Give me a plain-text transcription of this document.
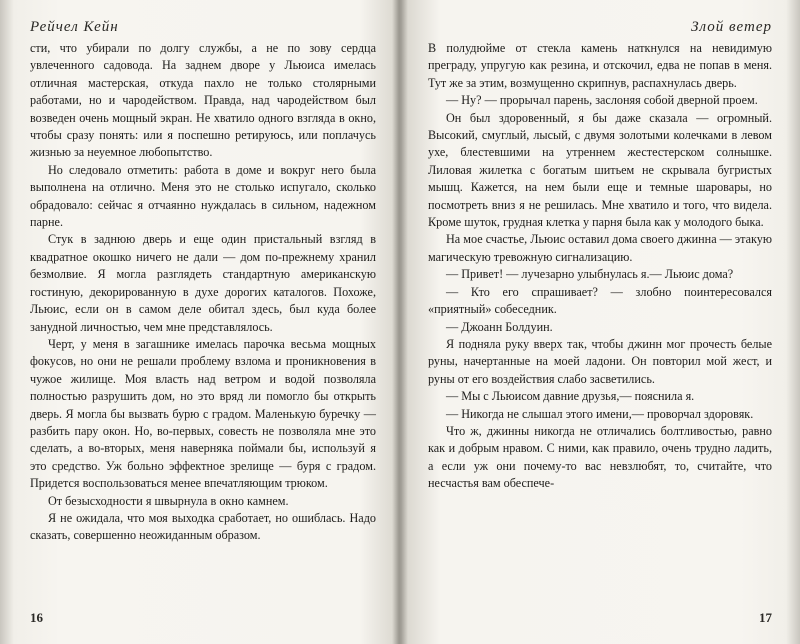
Рейчел Кейн

сти, что убирали по долгу службы, а не по зову сердца увлеченного садовода. На заднем дворе у Льюиса имелась отличная мастерская, откуда пахло не только столярными работами, но и чародейством. Правда, над чародейством был возведен очень мощный экран. Не хватило одного взгляда в окно, чтобы сразу понять: или я поспешно ретируюсь, или поплачусь жизнью за неуемное любопытство.

Но следовало отметить: работа в доме и вокруг него была выполнена на отлично. Меня это не столько испугало, сколько обрадовало: сейчас я отчаянно нуждалась в сильном, надежном парне.

Стук в заднюю дверь и еще один пристальный взгляд в квадратное окошко ничего не дали — дом по-прежнему хранил безмолвие. Я могла разглядеть стандартную американскую гостиную, декорированную в духе дорогих каталогов. Похоже, Льюис, если он в самом деле обитал здесь, был куда более занудной личностью, чем мне представлялось.

Черт, у меня в загашнике имелась парочка весьма мощных фокусов, но они не решали проблему взлома и проникновения в чужое жилище. Моя власть над ветром и водой позволяла полностью разрушить дом, но это вряд ли помогло бы открыть дверь. Я могла бы вызвать бурю с градом. Маленькую буречку — разбить пару окон. Но, во-первых, совесть не позволяла мне это сделать, а во-вторых, меня наверняка поймали бы, используй я это средство. Уж больно эффектное зрелище — буря с градом. Придется воспользоваться менее впечатляющим трюком.

От безысходности я швырнула в окно камнем.

Я не ожидала, что моя выходка сработает, но ошиблась. Надо сказать, совершенно неожиданным образом.

16
Злой ветер

В полудюйме от стекла камень наткнулся на невидимую преграду, упругую как резина, и отскочил, едва не попав в меня. Тут же за этим, возмущенно скрипнув, распахнулась дверь.

— Ну? — прорычал парень, заслоняя собой дверной проем.

Он был здоровенный, я бы даже сказала — огромный. Высокий, смуглый, лысый, с двумя золотыми колечками в левом ухе, блестевшими на утреннем жестестерском солнышке. Лиловая жилетка с богатым шитьем не скрывала бугристых мышц. Кажется, на нем были еще и темные шаровары, но посмотреть вниз я не решилась. Мне хватило и того, что видела. Кроме шуток, грудная клетка у парня была как у молодого быка.

На мое счастье, Льюис оставил дома своего джинна — этакую магическую тревожную сигнализацию.

— Привет! — лучезарно улыбнулась я.— Льюис дома?

— Кто его спрашивает? — злобно поинтересовался «приятный» собеседник.

— Джоанн Болдуин.

Я подняла руку вверх так, чтобы джинн мог прочесть белые руны, начертанные на моей ладони. Он повторил мой жест, и руны от его воздействия слабо засветились.

— Мы с Льюисом давние друзья,— пояснила я.

— Никогда не слышал этого имени,— проворчал здоровяк.

Что ж, джинны никогда не отличались болтливостью, равно как и добрым нравом. С ними, как правило, очень трудно ладить, а если уж они почему-то вас невзлюбят, то, считайте, что несчастья вам обеспече-

17
